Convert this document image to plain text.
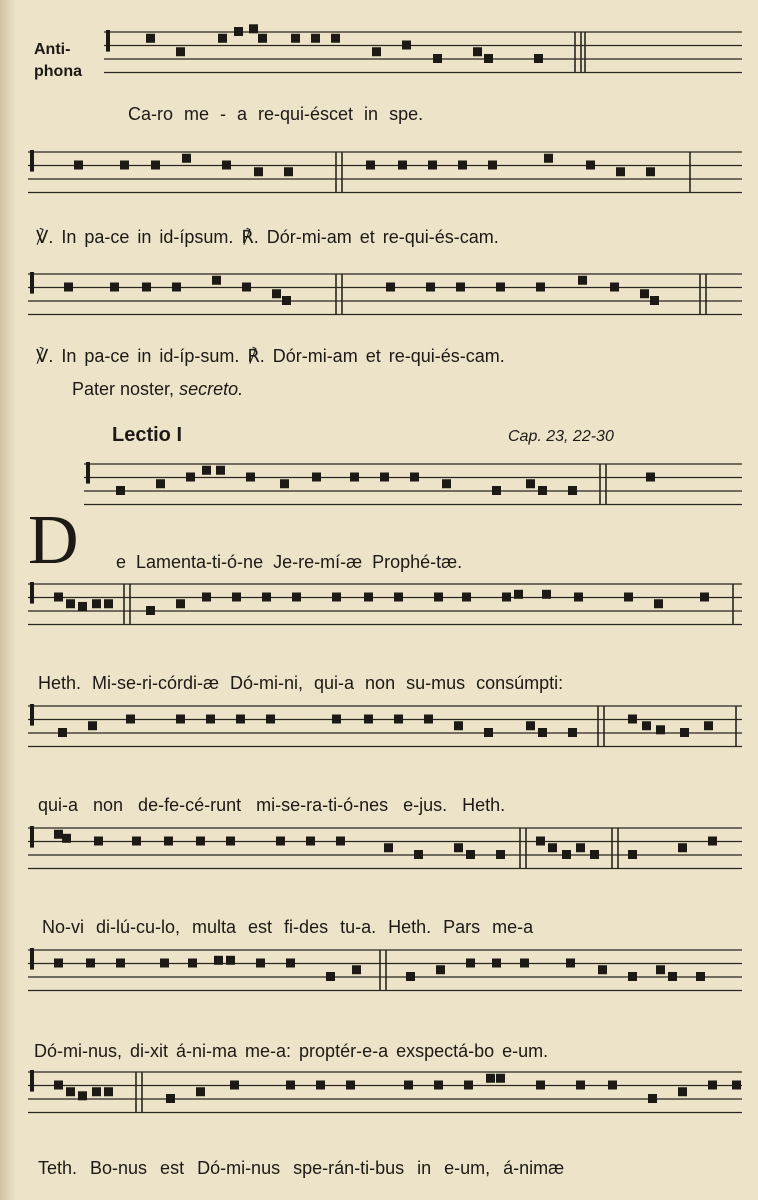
Anti-
phona
Ca-ro me - a re-qui-éscet in spe.
℣. In pa-ce in id-ípsum. ℟. Dór-mi-am et re-qui-és-cam.
℣. In pa-ce in id-íp-sum. ℟. Dór-mi-am et re-qui-és-cam.
Pater noster, secreto.
Lectio I	Cap. 23, 22-30
D e Lamenta-ti-ó-ne Je-re-mí-æ Prophé-tæ.
Heth. Mi-se-ri-córdi-æ Dó-mi-ni, qui-a non su-mus consúmpti:
qui-a non de-fe-cé-runt mi-se-ra-ti-ó-nes e-jus. Heth.
No-vi di-lú-cu-lo, multa est fi-des tu-a. Heth. Pars me-a
Dó-mi-nus, di-xit á-ni-ma me-a: proptér-e-a exspectá-bo e-um.
Teth. Bo-nus est Dó-mi-nus spe-rán-ti-bus in e-um, á-nimæ
